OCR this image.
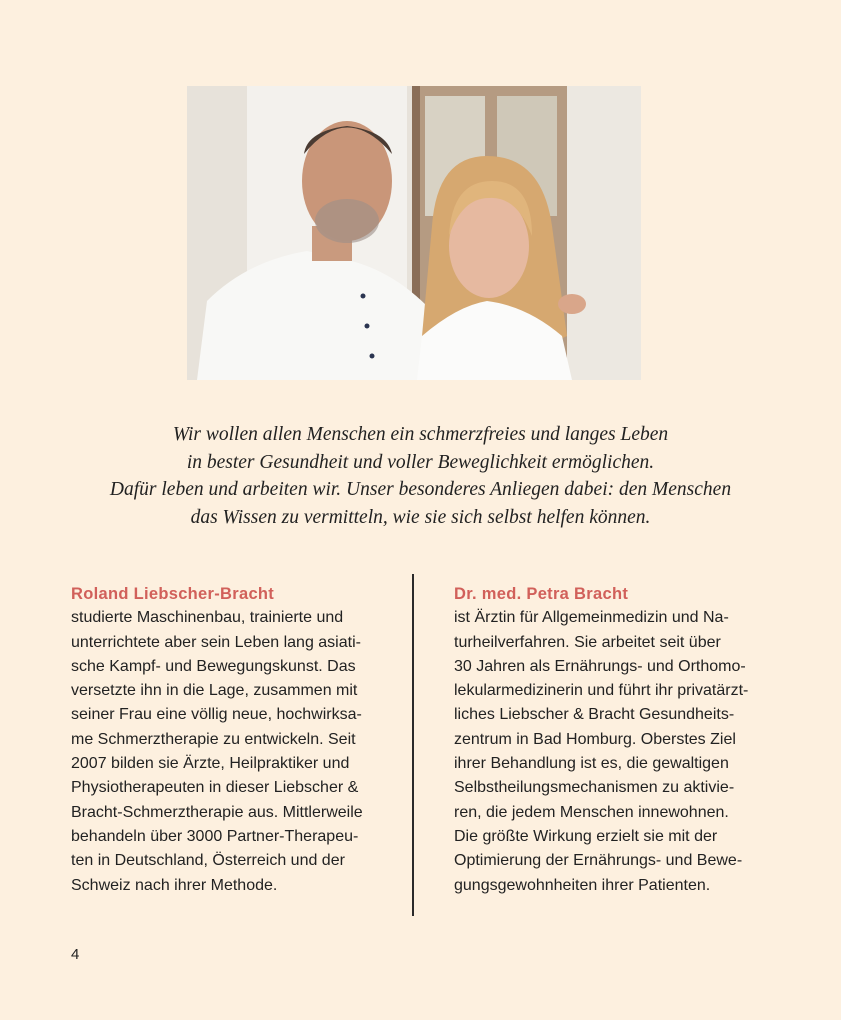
Wir wollen allen Menschen ein schmerzfreies und langes Leben
in bester Gesundheit und voller Beweglichkeit ermöglichen.
Dafür leben und arbeiten wir. Unser besonderes Anliegen dabei: den Menschen
das Wissen zu vermitteln, wie sie sich selbst helfen können.
Roland Liebscher-Bracht
studierte Maschinenbau, trainierte und
unterrichtete aber sein Leben lang asiati-
sche Kampf- und Bewegungskunst. Das
versetzte ihn in die Lage, zusammen mit
seiner Frau eine völlig neue, hochwirksa-
me Schmerztherapie zu entwickeln. Seit
2007 bilden sie Ärzte, Heilpraktiker und
Physiotherapeuten in dieser Liebscher &
Bracht-Schmerztherapie aus. Mittlerweile
behandeln über 3000 Partner-Therapeu-
ten in Deutschland, Österreich und der
Schweiz nach ihrer Methode.
Dr. med. Petra Bracht
ist Ärztin für Allgemeinmedizin und Na-
turheilverfahren. Sie arbeitet seit über
30 Jahren als Ernährungs- und Orthomo-
lekularmedizinerin und führt ihr privatärzt-
liches Liebscher & Bracht Gesundheits-
zentrum in Bad Homburg. Oberstes Ziel
ihrer Behandlung ist es, die gewaltigen
Selbstheilungsmechanismen zu aktivie-
ren, die jedem Menschen innewohnen.
Die größte Wirkung erzielt sie mit der
Optimierung der Ernährungs- und Bewe-
gungsgewohnheiten ihrer Patienten.
4
